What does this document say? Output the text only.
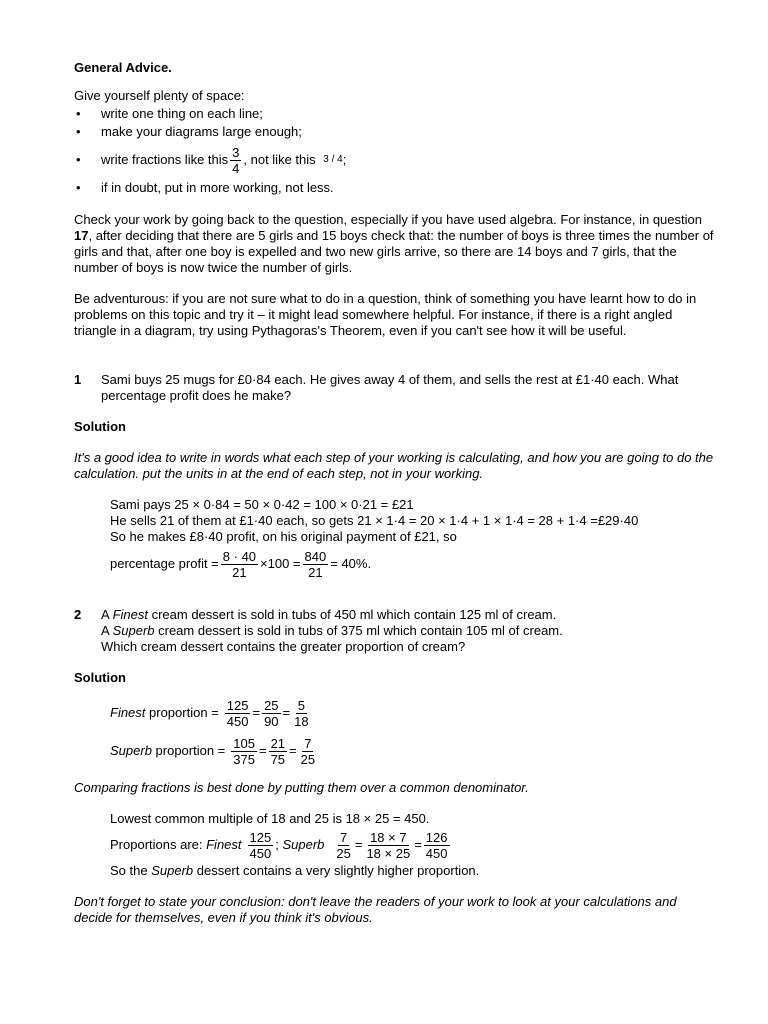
General Advice.

Give yourself plenty of space:

• write one thing on each line;
• make your diagrams large enough;
• write fractions like this $\frac{3}{4}$ , not like this
3 / 4 ;
• if in doubt, put in more working, not less.

Check your work by going back to the question, especially if you have used algebra. For instance, in question 17, after deciding that there are 5 girls and 15 boys check that: the number of boys is three times the number of girls and that, after one boy is expelled and two new girls arrive, so there are 14 boys and 7 girls, that the number of boys is now twice the number of girls.

Be adventurous: if you are not sure what to do in a question, think of something you have learnt how to do in problems on this topic and try it – it might lead somewhere helpful. For instance, if there is a right angled triangle in a diagram, try using Pythagoras's Theorem, even if you can't see how it will be useful.

1 Sami buys 25 mugs for £0·84 each. He gives away 4 of them, and sells the rest at £1·40 each. What percentage profit does he make?

Solution

It's a good idea to write in words what each step of your working is calculating, and how you are going to do the calculation. put the units in at the end of each step, not in your working.

Sami pays 25 × 0·84 = 50 × 0·42 = 100 × 0·21 = £21

He sells 21 of them at £1·40 each, so gets 21 × 1·4 = 20 × 1·4 + 1 × 1·4 = 28 + 1·4 =£29·40

So he makes £8·40 profit, on his original payment of £21, so

percentage profit = $\frac{8 \cdot 40}{21} \times 100 = \frac{840}{21} = 40\%$.
2 A Finest cream dessert is sold in tubs of 450 ml which contain 125 ml of cream.

A Superb cream dessert is sold in tubs of 375 ml which contain 105 ml of cream.

Which cream dessert contains the greater proportion of cream?

Solution

Finest proportion = $\frac{125}{450} = \frac{25}{90} = \frac{5}{18}$
Superb proportion = $\frac{105}{375} = \frac{21}{75} = \frac{7}{25}$

Comparing fractions is best done by putting them over a common denominator.

Lowest common multiple of 18 and 25 is 18 × 25 = 450.

Proportions are: Finest $\frac{125}{450}$ ;
Superb $\frac{7}{25} = \frac{18 \times 7}{18 \times 25} = \frac{126}{450}$

So the Superb dessert contains a very slightly higher proportion.

Don't forget to state your conclusion: don't leave the readers of your work to look at your calculations and decide for themselves, even if you think it's obvious.
